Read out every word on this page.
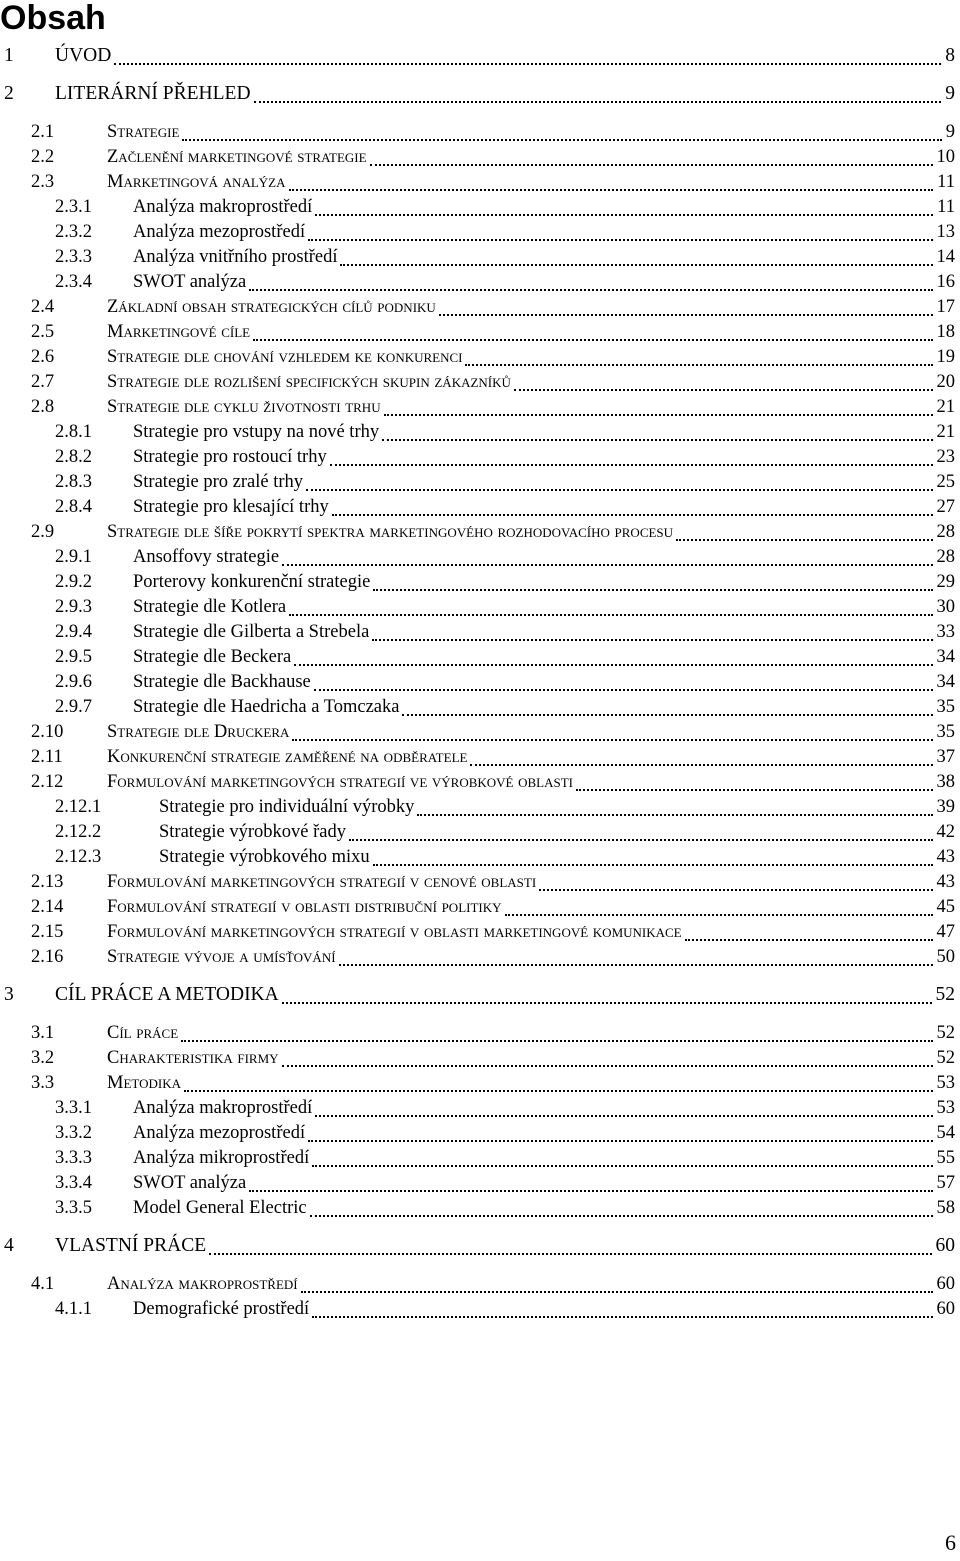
Obsah
1 ÚVOD	8
2 LITERÁRNÍ PŘEHLED	9
2.1	Strategie	9
2.2	Začlenění marketingové strategie	10
2.3	Marketingová analýza	11
2.3.1 Analýza makroprostředí	11
2.3.2 Analýza mezoprostředí	13
2.3.3 Analýza vnitřního prostředí	14
2.3.4 SWOT analýza	16
2.4	Základní obsah strategických cílů podniku	17
2.5	Marketingové cíle	18
2.6	Strategie dle chování vzhledem ke konkurenci	19
2.7	Strategie dle rozlišení specifických skupin zákazníků	20
2.8	Strategie dle cyklu životnosti trhu	21
2.8.1 Strategie pro vstupy na nové trhy	21
2.8.2 Strategie pro rostoucí trhy	23
2.8.3 Strategie pro zralé trhy	25
2.8.4 Strategie pro klesající trhy	27
2.9	Strategie dle šíře pokrytí spektra marketingového rozhodovacího procesu	28
2.9.1 Ansoffovy strategie	28
2.9.2 Porterovy konkurenční strategie	29
2.9.3 Strategie dle Kotlera	30
2.9.4 Strategie dle Gilberta a Strebela	33
2.9.5 Strategie dle Beckera	34
2.9.6 Strategie dle Backhause	34
2.9.7 Strategie dle Haedricha a Tomczaka	35
2.10 Strategie dle Druckera	35
2.11 Konkurenční strategie zaměřené na odběratele	37
2.12 Formulování marketingových strategií ve výrobkové oblasti	38
2.12.1	Strategie pro individuální výrobky	39
2.12.2	Strategie výrobkové řady	42
2.12.3	Strategie výrobkového mixu	43
2.13 Formulování marketingových strategií v cenové oblasti	43
2.14 Formulování strategií v oblasti distribuční politiky	45
2.15 Formulování marketingových strategií v oblasti marketingové komunikace	47
2.16 Strategie vývoje a umísťování	50
3 CÍL PRÁCE A METODIKA	52
3.1	Cíl práce	52
3.2	Charakteristika firmy	52
3.3	Metodika	53
3.3.1 Analýza makroprostředí	53
3.3.2 Analýza mezoprostředí	54
3.3.3 Analýza mikroprostředí	55
3.3.4 SWOT analýza	57
3.3.5 Model General Electric	58
4 VLASTNÍ PRÁCE	60
4.1	Analýza makroprostředí	60
4.1.1 Demografické prostředí	60
6
